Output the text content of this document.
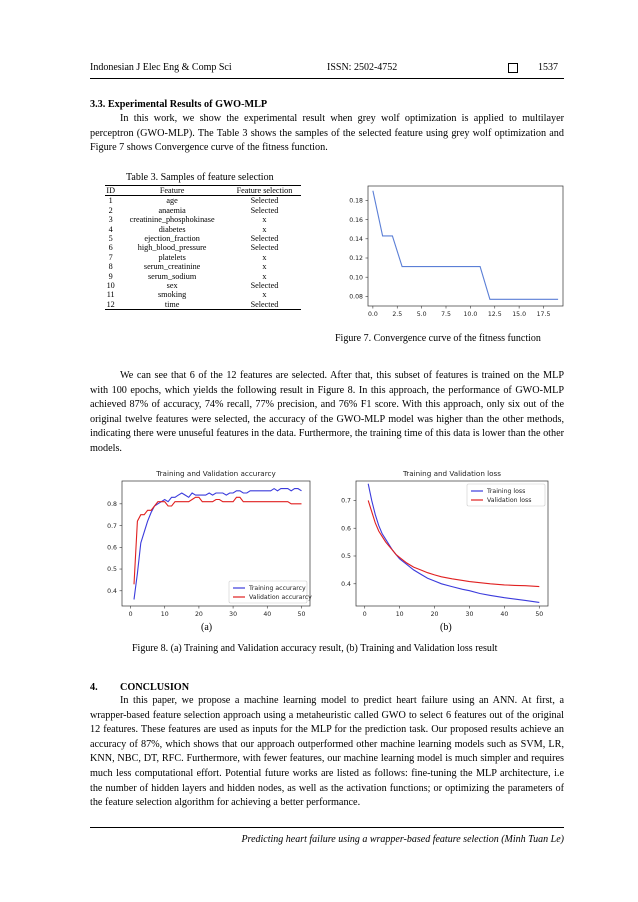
Indonesian J Elec Eng & Comp Sci	ISSN: 2502-4752	1537
3.3. Experimental Results of GWO-MLP

In this work, we show the experimental result when grey wolf optimization is applied to multilayer perceptron (GWO-MLP). The Table 3 shows the samples of the selected feature using grey wolf optimization and Figure 7 shows Convergence curve of the fitness function.

Table 3. Samples of feature selection
ID	Feature	Feature selection
1	age	Selected
2	anaemia	Selected
3	creatinine_phosphokinase	x
4	diabetes	x
5	ejection_fraction	Selected
6	high_blood_pressure	Selected
7	platelets	x
8	serum_creatinine	x
9	serum_sodium	x
10	sex	Selected
11	smoking	x
12	time	Selected
0.0 2.5 5.0 7.5 10.0 12.5 15.0 17.5
0.08
0.10
0.12
0.14
0.16
0.18
Figure 7. Convergence curve of the fitness function

We can see that 6 of the 12 features are selected. After that, this subset of features is trained on the MLP with 100 epochs, which yields the following result in Figure 8. In this approach, the performance of GWO-MLP achieved 87% of accuracy, 74% recall, 77% precision, and 76% F1 score. With this approach, only six out of the original twelve features were selected, the accuracy of the GWO-MLP model was higher than the other methods, indicating there were unuseful features in the data. Furthermore, the training time of this data is lower than the other models.

Training and Validation accurarcy
0	10	20	30	40	50
0.4
0.5
0.6
0.7
0.8
Training accurarcy
Validation accurarcy
Training and Validation loss
0	10	20	30	40	50
0.4
0.5
0.6
0.7
Training loss
Validation loss
(a)	(b)
Figure 8. (a) Training and Validation accuracy result, (b) Training and Validation loss result
4. CONCLUSION

In this paper, we propose a machine learning model to predict heart failure using an ANN. At first, a wrapper-based feature selection approach using a metaheuristic called GWO to select 6 features out of the original 12 features. These features are used as inputs for the MLP for the prediction task. Our proposed results achieve an accuracy of 87%, which shows that our approach outperformed other machine learning models such as SVM, LR, KNN, NBC, DT, RFC. Furthermore, with fewer features, our machine learning model is much simpler and requires much less computational effort. Potential future works are listed as follows: fine-tuning the MLP architecture, i.e the number of hidden layers and hidden nodes, as well as the activation functions; or optimizing the parameters of the feature selection algorithm for achieving a better performance.

Predicting heart failure using a wrapper-based feature selection (Minh Tuan Le)
